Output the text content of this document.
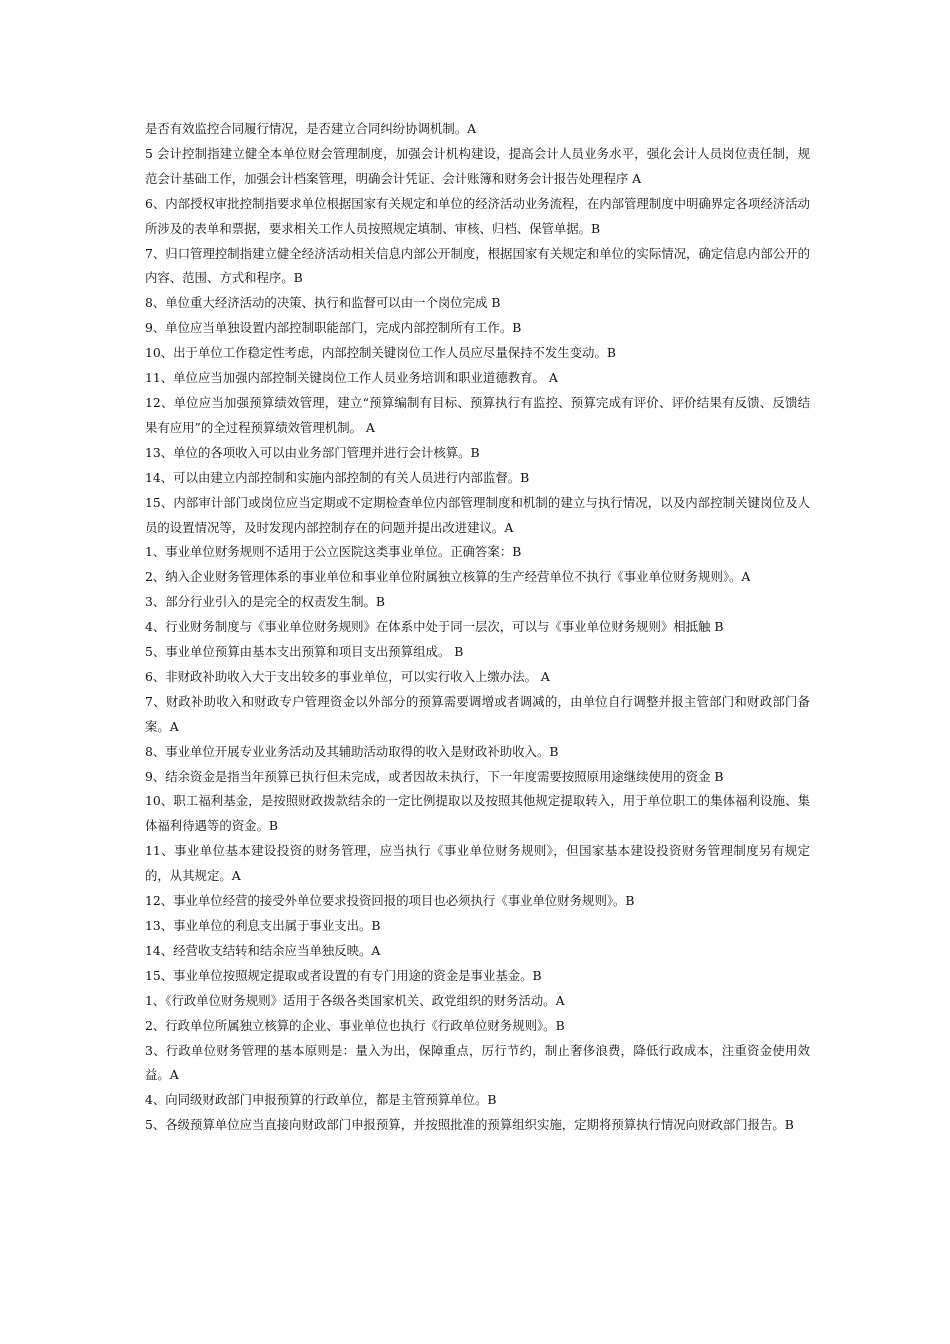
是否有效监控合同履行情况，是否建立合同纠纷协调机制。A

5 会计控制指建立健全本单位财会管理制度，加强会计机构建设，提高会计人员业务水平，强化会计人员岗位责任制，规范会计基础工作，加强会计档案管理，明确会计凭证、会计账簿和财务会计报告处理程序 A

6、内部授权审批控制指要求单位根据国家有关规定和单位的经济活动业务流程，在内部管理制度中明确界定各项经济活动所涉及的表单和票据，要求相关工作人员按照规定填制、审核、归档、保管单据。B

7、归口管理控制指建立健全经济活动相关信息内部公开制度，根据国家有关规定和单位的实际情况，确定信息内部公开的内容、范围、方式和程序。B

8、单位重大经济活动的决策、执行和监督可以由一个岗位完成 B

9、单位应当单独设置内部控制职能部门，完成内部控制所有工作。B

10、出于单位工作稳定性考虑，内部控制关键岗位工作人员应尽量保持不发生变动。B

11、单位应当加强内部控制关键岗位工作人员业务培训和职业道德教育。 A

12、单位应当加强预算绩效管理，建立“预算编制有目标、预算执行有监控、预算完成有评价、评价结果有反馈、反馈结果有应用”的全过程预算绩效管理机制。 A

13、单位的各项收入可以由业务部门管理并进行会计核算。B

14、可以由建立内部控制和实施内部控制的有关人员进行内部监督。B

15、内部审计部门或岗位应当定期或不定期检查单位内部管理制度和机制的建立与执行情况，以及内部控制关键岗位及人员的设置情况等，及时发现内部控制存在的问题并提出改进建议。A

1、事业单位财务规则不适用于公立医院这类事业单位。正确答案：B

2、纳入企业财务管理体系的事业单位和事业单位附属独立核算的生产经营单位不执行《事业单位财务规则》。A

3、部分行业引入的是完全的权责发生制。B

4、行业财务制度与《事业单位财务规则》在体系中处于同一层次，可以与《事业单位财务规则》相抵触 B

5、事业单位预算由基本支出预算和项目支出预算组成。 B

6、非财政补助收入大于支出较多的事业单位，可以实行收入上缴办法。 A

7、财政补助收入和财政专户管理资金以外部分的预算需要调增或者调减的，由单位自行调整并报主管部门和财政部门备案。A

8、事业单位开展专业业务活动及其辅助活动取得的收入是财政补助收入。B

9、结余资金是指当年预算已执行但未完成，或者因故未执行，下一年度需要按照原用途继续使用的资金 B

10、职工福利基金，是按照财政拨款结余的一定比例提取以及按照其他规定提取转入，用于单位职工的集体福利设施、集体福利待遇等的资金。B

11、事业单位基本建设投资的财务管理，应当执行《事业单位财务规则》，但国家基本建设投资财务管理制度另有规定的，从其规定。A

12、事业单位经营的接受外单位要求投资回报的项目也必须执行《事业单位财务规则》。B

13、事业单位的利息支出属于事业支出。B

14、经营收支结转和结余应当单独反映。A

15、事业单位按照规定提取或者设置的有专门用途的资金是事业基金。B

1、《行政单位财务规则》适用于各级各类国家机关、政党组织的财务活动。A

2、行政单位所属独立核算的企业、事业单位也执行《行政单位财务规则》。B

3、行政单位财务管理的基本原则是：量入为出，保障重点，厉行节约，制止奢侈浪费，降低行政成本，注重资金使用效益。A

4、向同级财政部门申报预算的行政单位，都是主管预算单位。B

5、各级预算单位应当直接向财政部门申报预算，并按照批准的预算组织实施，定期将预算执行情况向财政部门报告。B
